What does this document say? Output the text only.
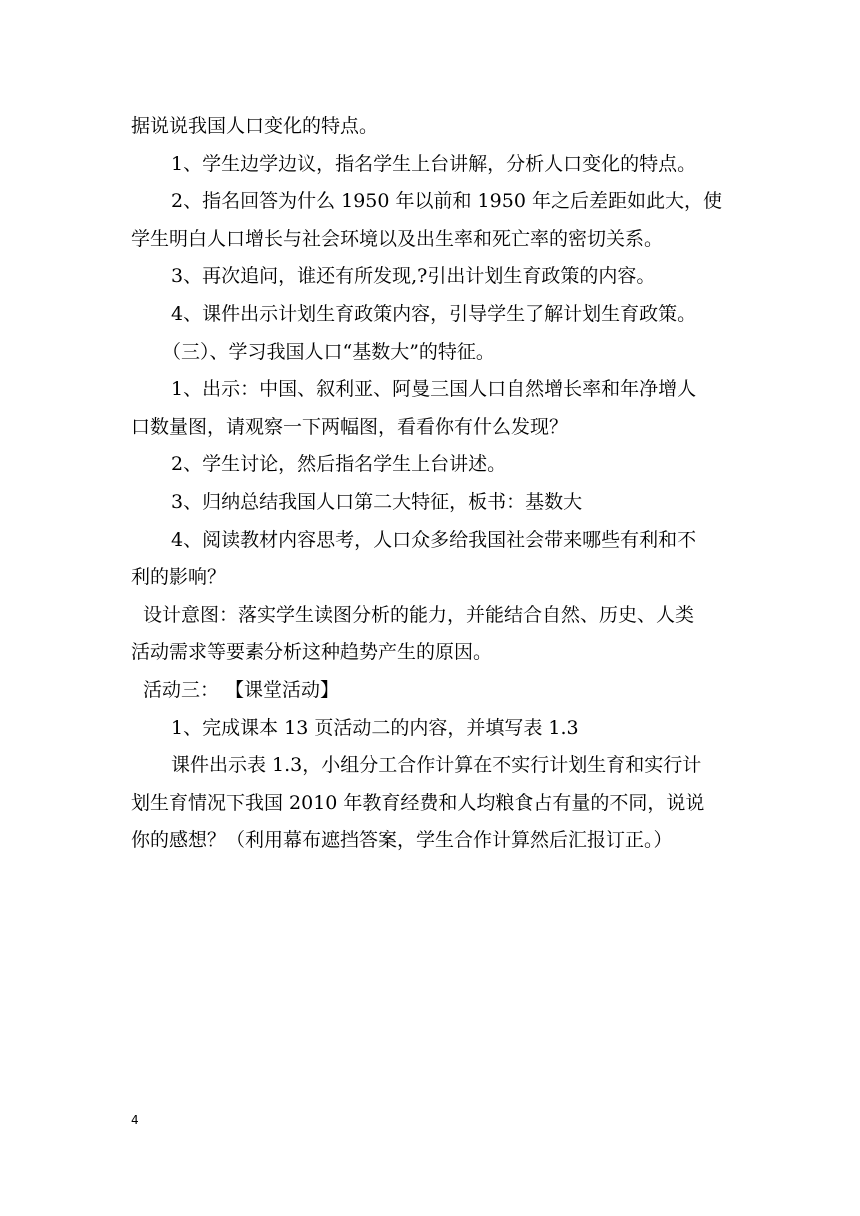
据说说我国人口变化的特点。
1、学生边学边议，指名学生上台讲解，分析人口变化的特点。
2、指名回答为什么 1950 年以前和 1950 年之后差距如此大，使
学生明白人口增长与社会环境以及出生率和死亡率的密切关系。
3、再次追问，谁还有所发现,?引出计划生育政策的内容。
4、课件出示计划生育政策内容，引导学生了解计划生育政策。
（三）、学习我国人口“基数大”的特征。
1、出示：中国、叙利亚、阿曼三国人口自然增长率和年净增人
口数量图，请观察一下两幅图，看看你有什么发现？
2、学生讨论，然后指名学生上台讲述。
3、归纳总结我国人口第二大特征，板书：基数大
4、阅读教材内容思考，人口众多给我国社会带来哪些有利和不
利的影响？
设计意图：落实学生读图分析的能力，并能结合自然、历史、人类
活动需求等要素分析这种趋势产生的原因。
活动三： 【课堂活动】
1、完成课本 13 页活动二的内容，并填写表 1.3
课件出示表 1.3，小组分工合作计算在不实行计划生育和实行计
划生育情况下我国 2010 年教育经费和人均粮食占有量的不同，说说
你的感想？（利用幕布遮挡答案，学生合作计算然后汇报订正。）
4
